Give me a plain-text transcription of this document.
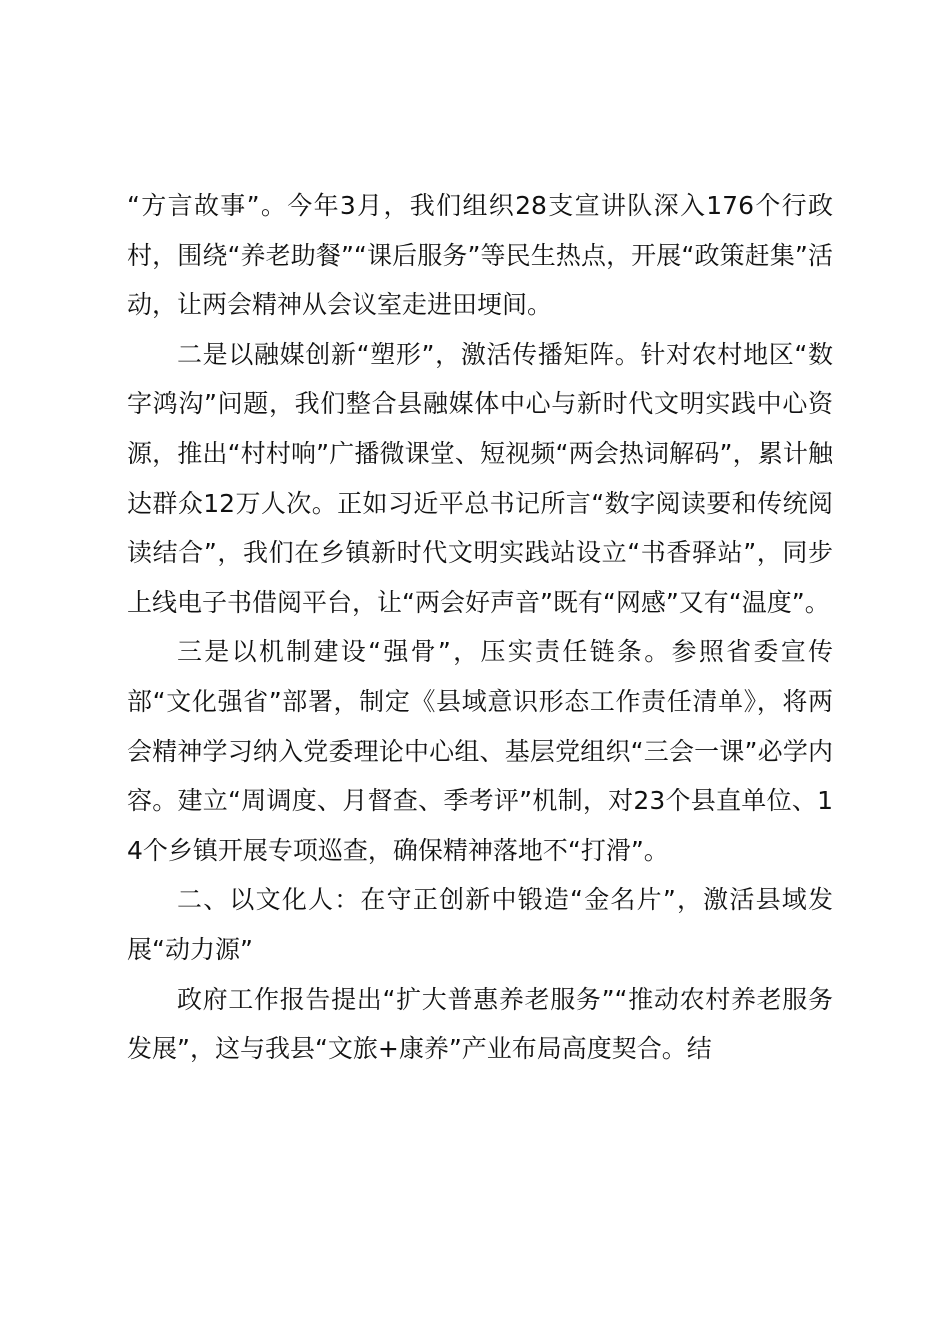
“方言故事”。今年3月，我们组织28支宣讲队深入176个行政村，围绕“养老助餐”“课后服务”等民生热点，开展“政策赶集”活动，让两会精神从会议室走进田埂间。

二是以融媒创新“塑形”，激活传播矩阵。针对农村地区“数字鸿沟”问题，我们整合县融媒体中心与新时代文明实践中心资源，推出“村村响”广播微课堂、短视频“两会热词解码”，累计触达群众12万人次。正如习近平总书记所言“数字阅读要和传统阅读结合”，我们在乡镇新时代文明实践站设立“书香驿站”，同步上线电子书借阅平台，让“两会好声音”既有“网感”又有“温度”。

三是以机制建设“强骨”，压实责任链条。参照省委宣传部“文化强省”部署，制定《县域意识形态工作责任清单》，将两会精神学习纳入党委理论中心组、基层党组织“三会一课”必学内容。建立“周调度、月督查、季考评”机制，对23个县直单位、14个乡镇开展专项巡查，确保精神落地不“打滑”。

二、以文化人：在守正创新中锻造“金名片”，激活县域发展“动力源”

政府工作报告提出“扩大普惠养老服务”“推动农村养老服务发展”，这与我县“文旅+康养”产业布局高度契合。结
